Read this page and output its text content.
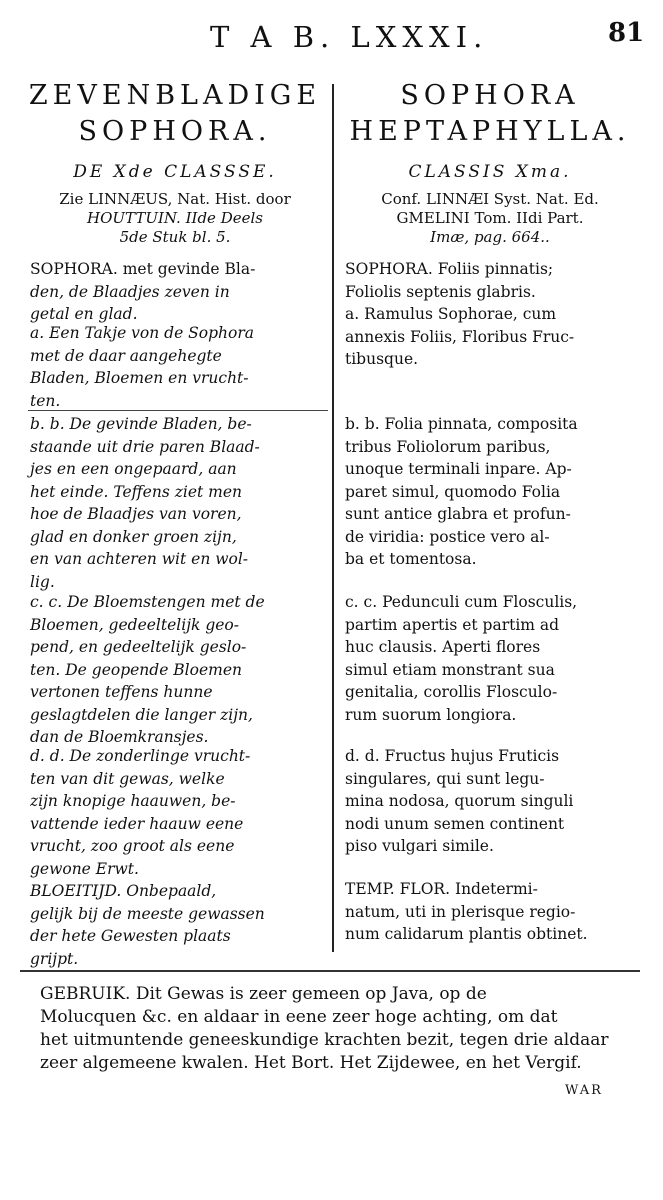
T A B. LXXXI.	81
ZEVENBLADIGE
SOPHORA.
DE Xde CLASSSE.
Zie LINNÆUS, Nat. Hist. door
HOUTTUIN. IIde Deels
5de Stuk bl. 5.
SOPHORA. met gevinde Bla-
den, de Blaadjes zeven in
getal en glad.
a. Een Takje von de Sophora
met de daar aangehegte
Bladen, Bloemen en vrucht-
ten.
b. b. De gevinde Bladen, be-
staande uit drie paren Blaad-
jes en een ongepaard, aan
het einde. Teffens ziet men
hoe de Blaadjes van voren,
glad en donker groen zijn,
en van achteren wit en wol-
lig.
c. c. De Bloemstengen met de
Bloemen, gedeeltelijk geo-
pend, en gedeeltelijk geslo-
ten. De geopende Bloemen
vertonen teffens hunne
geslagtdelen die langer zijn,
dan de Bloemkransjes.
d. d. De zonderlinge vrucht-
ten van dit gewas, welke
zijn knopige haauwen, be-
vattende ieder haauw eene
vrucht, zoo groot als eene
gewone Erwt.
BLOEITIJD. Onbepaald,
gelijk bij de meeste gewassen
der hete Gewesten plaats
grijpt.
SOPHORA
HEPTAPHYLLA.
CLASSIS Xma.
Conf. LINNÆI Syst. Nat. Ed.
GMELINI Tom. IIdi Part.
Imæ, pag. 664..
SOPHORA. Foliis pinnatis;
Foliolis septenis glabris.
a. Ramulus Sophorae, cum
annexis Foliis, Floribus Fruc-
tibusque.
b. b. Folia pinnata, composita
tribus Foliolorum paribus,
unoque terminali inpare. Ap-
paret simul, quomodo Folia
sunt antice glabra et profun-
de viridia: postice vero al-
ba et tomentosa.
c. c. Pedunculi cum Flosculis,
partim apertis et partim ad
huc clausis. Aperti flores
simul etiam monstrant sua
genitalia, corollis Flosculo-
rum suorum longiora.
d. d. Fructus hujus Fruticis
singulares, qui sunt legu-
mina nodosa, quorum singuli
nodi unum semen continent
piso vulgari simile.
TEMP. FLOR. Indetermi-
natum, uti in plerisque regio-
num calidarum plantis obtinet.
GEBRUIK. Dit Gewas is zeer gemeen op Java, op de
Molucquen &c. en aldaar in eene zeer hoge achting, om dat
het uitmuntende geneeskundige krachten bezit, tegen drie aldaar
zeer algemeene kwalen. Het Bort. Het Zijdewee, en het Vergif.
WAR
